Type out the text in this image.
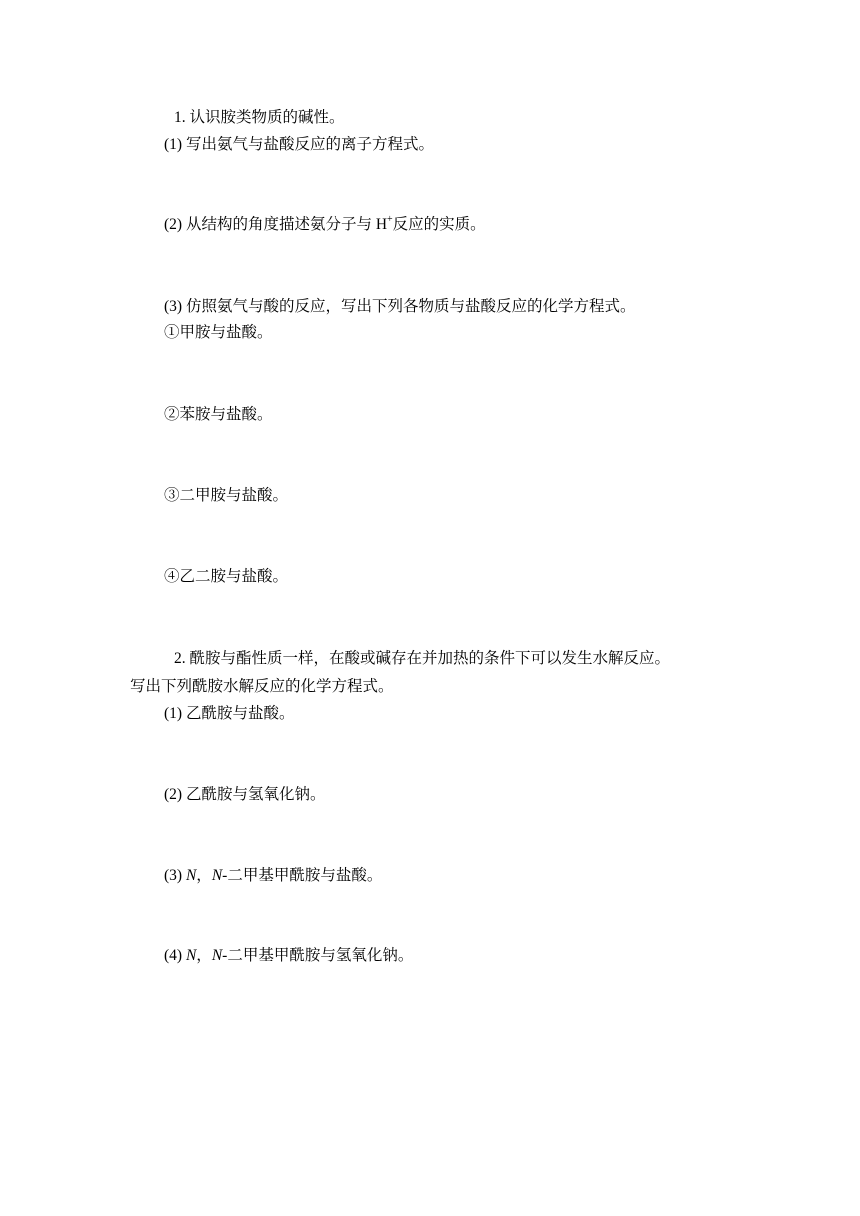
1. 认识胺类物质的碱性。
(1) 写出氨气与盐酸反应的离子方程式。
(2) 从结构的角度描述氨分子与 H+反应的实质。
(3) 仿照氨气与酸的反应，写出下列各物质与盐酸反应的化学方程式。
①甲胺与盐酸。
②苯胺与盐酸。
③二甲胺与盐酸。
④乙二胺与盐酸。
2. 酰胺与酯性质一样，在酸或碱存在并加热的条件下可以发生水解反应。
写出下列酰胺水解反应的化学方程式。
(1) 乙酰胺与盐酸。
(2) 乙酰胺与氢氧化钠。
(3) N，N-二甲基甲酰胺与盐酸。
(4) N，N-二甲基甲酰胺与氢氧化钠。
